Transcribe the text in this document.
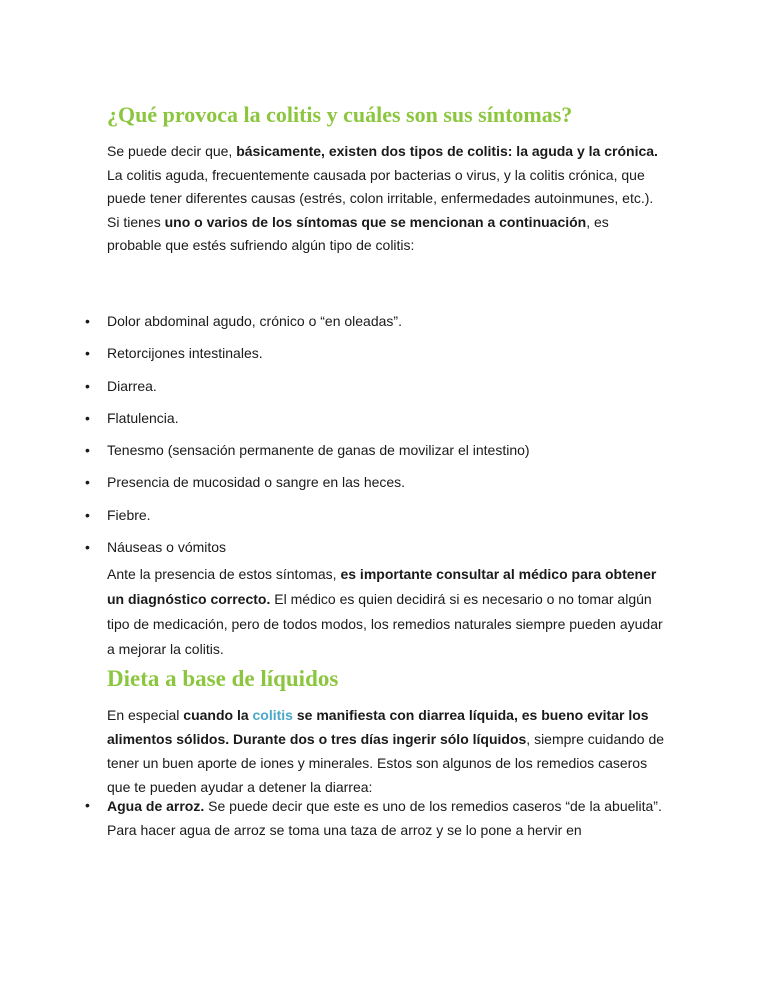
¿Qué provoca la colitis y cuáles son sus síntomas?
Se puede decir que, básicamente, existen dos tipos de colitis: la aguda y la crónica.
La colitis aguda, frecuentemente causada por bacterias o virus, y la colitis crónica, que puede tener diferentes causas (estrés, colon irritable, enfermedades autoinmunes, etc.).
Si tienes uno o varios de los síntomas que se mencionan a continuación, es probable que estés sufriendo algún tipo de colitis:
• Dolor abdominal agudo, crónico o “en oleadas”.
• Retorcijones intestinales.
• Diarrea.
• Flatulencia.
• Tenesmo (sensación permanente de ganas de movilizar el intestino)
• Presencia de mucosidad o sangre en las heces.
• Fiebre.
• Náuseas o vómitos
Ante la presencia de estos síntomas, es importante consultar al médico para obtener un diagnóstico correcto. El médico es quien decidirá si es necesario o no tomar algún tipo de medicación, pero de todos modos, los remedios naturales siempre pueden ayudar a mejorar la colitis.
Dieta a base de líquidos
En especial cuando la colitis se manifiesta con diarrea líquida, es bueno evitar los alimentos sólidos. Durante dos o tres días ingerir sólo líquidos, siempre cuidando de tener un buen aporte de iones y minerales. Estos son algunos de los remedios caseros que te pueden ayudar a detener la diarrea:
• Agua de arroz. Se puede decir que este es uno de los remedios caseros “de la abuelita”. Para hacer agua de arroz se toma una taza de arroz y se lo pone a hervir en
